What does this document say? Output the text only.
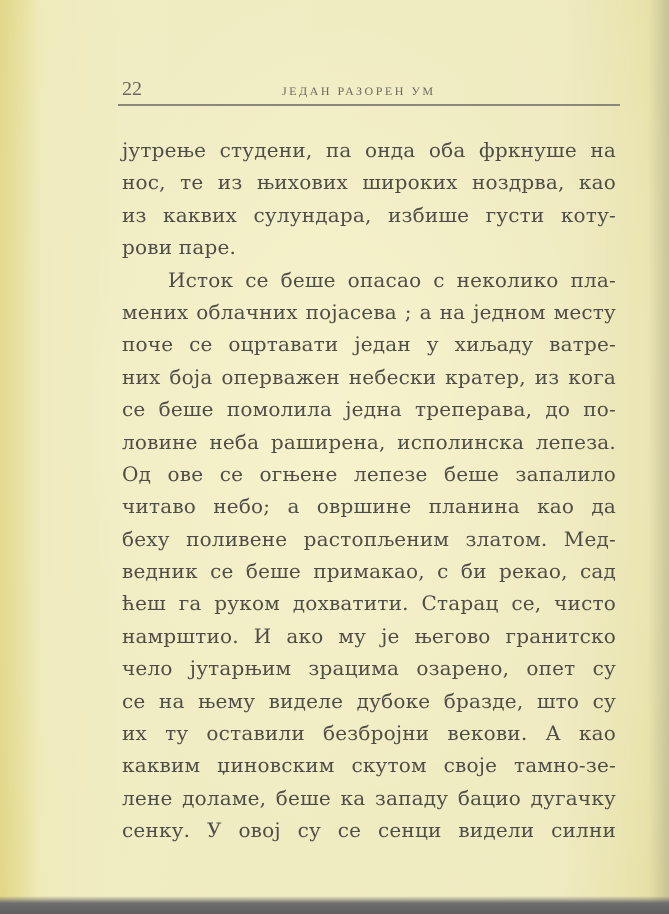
22	ЈЕДАН РАЗОРЕН УМ
јутрење студени, па онда оба фркнуше на
нос, те из њихових широких ноздрва, као
из каквих сулундара, избише густи коту-
рови паре.
Исток се беше опасао с неколико пла-
мених облачних појасева ; а на једном месту
поче се оцртавати један у хиљаду ватре-
них боја оперважен небески кратер, из кога
се беше помолила једна треперава, до по-
ловине неба раширена, исполинска лепеза.
Од ове се огњене лепезе беше запалило
читаво небо; а овршине планина као да
беху поливене растопљеним златом. Мед-
ведник се беше примакао, с би рекао, сад
ћеш га руком дохватити. Старац се, чисто
намрштио. И ако му је његово гранитско
чело јутарњим зрацима озарено, опет су
се на њему виделе дубоке бразде, што су
их ту оставили безбројни векови. А као
каквим џиновским скутом своје тамно-зе-
лене доламе, беше ка западу бацио дугачку
сенку. У овој су се сенци видели силни
